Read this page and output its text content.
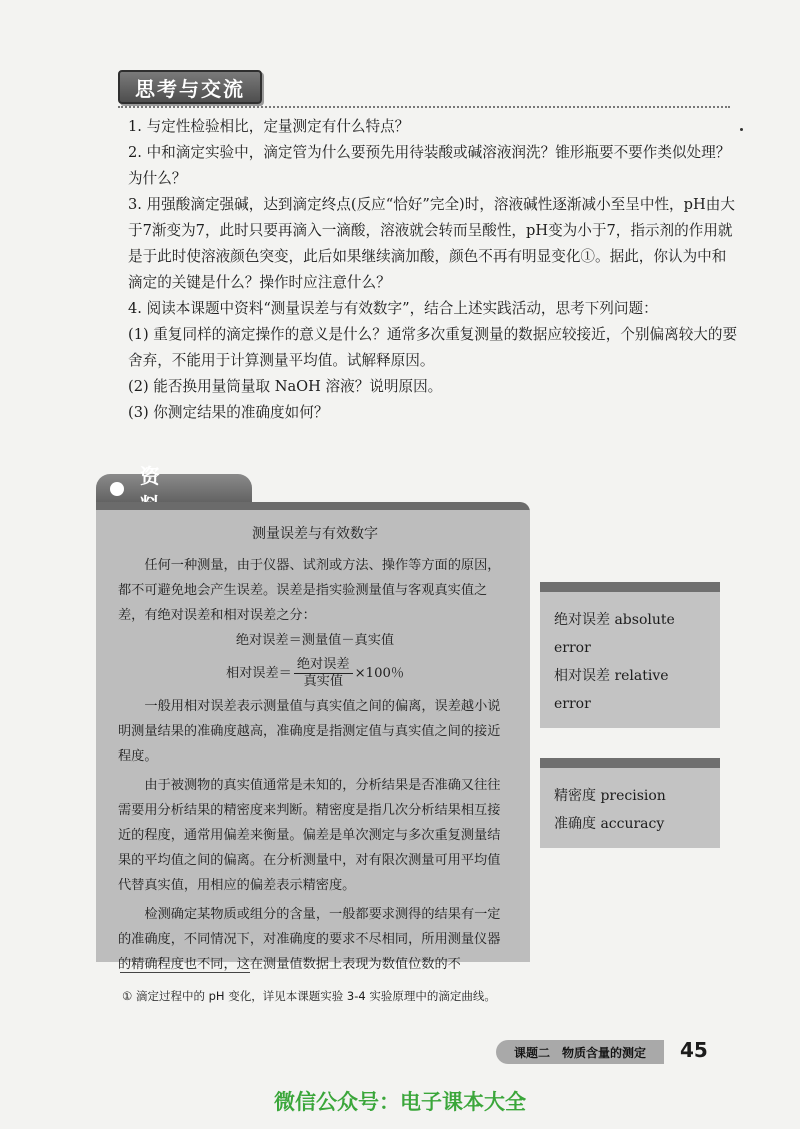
思考与交流

1. 与定性检验相比，定量测定有什么特点？

2. 中和滴定实验中，滴定管为什么要预先用待装酸或碱溶液润洗？锥形瓶要不要作类似处理？为什么？

3. 用强酸滴定强碱，达到滴定终点(反应“恰好”完全)时，溶液碱性逐渐减小至呈中性，pH由大于7渐变为7，此时只要再滴入一滴酸，溶液就会转而呈酸性，pH变为小于7，指示剂的作用就是于此时使溶液颜色突变，此后如果继续滴加酸，颜色不再有明显变化①。据此，你认为中和滴定的关键是什么？操作时应注意什么？

4. 阅读本课题中资料“测量误差与有效数字”，结合上述实践活动，思考下列问题：

(1) 重复同样的滴定操作的意义是什么？通常多次重复测量的数据应较接近，个别偏离较大的要舍弃，不能用于计算测量平均值。试解释原因。

(2) 能否换用量筒量取 NaOH 溶液？说明原因。

(3) 你测定结果的准确度如何？

资
测量误差与有效数字

任何一种测量，由于仪器、试剂或方法、操作等方面的原因，都不可避免地会产生误差。误差是指实验测量值与客观真实值之差，有绝对误差和相对误差之分：

绝对误差＝测量值－真实值

相对误差＝ $\frac{\text{绝对误差}}{\text{真实值}} \times 100$％

一般用相对误差表示测量值与真实值之间的偏离，误差越小说明测量结果的准确度越高，准确度是指测定值与真实值之间的接近程度。

由于被测物的真实值通常是未知的，分析结果是否准确又往往需要用分析结果的精密度来判断。精密度是指几次分析结果相互接近的程度，通常用偏差来衡量。偏差是单次测定与多次重复测量结果的平均值之间的偏离。在分析测量中，对有限次测量可用平均值代替真实值，用相应的偏差表示精密度。

检测确定某物质或组分的含量，一般都要求测得的结果有一定的准确度，不同情况下，对准确度的要求不尽相同，所用测量仪器的精确程度也不同，这在测量值数据上表现为数值位数的不

绝对误差 absolute error
相对误差 relative error
精密度 precision
准确度 accuracy
① 滴定过程中的 pH 变化，详见本课题实验 3-4 实验原理中的滴定曲线。
课题二　物质含量的测定	45
微信公众号：电子课本大全
